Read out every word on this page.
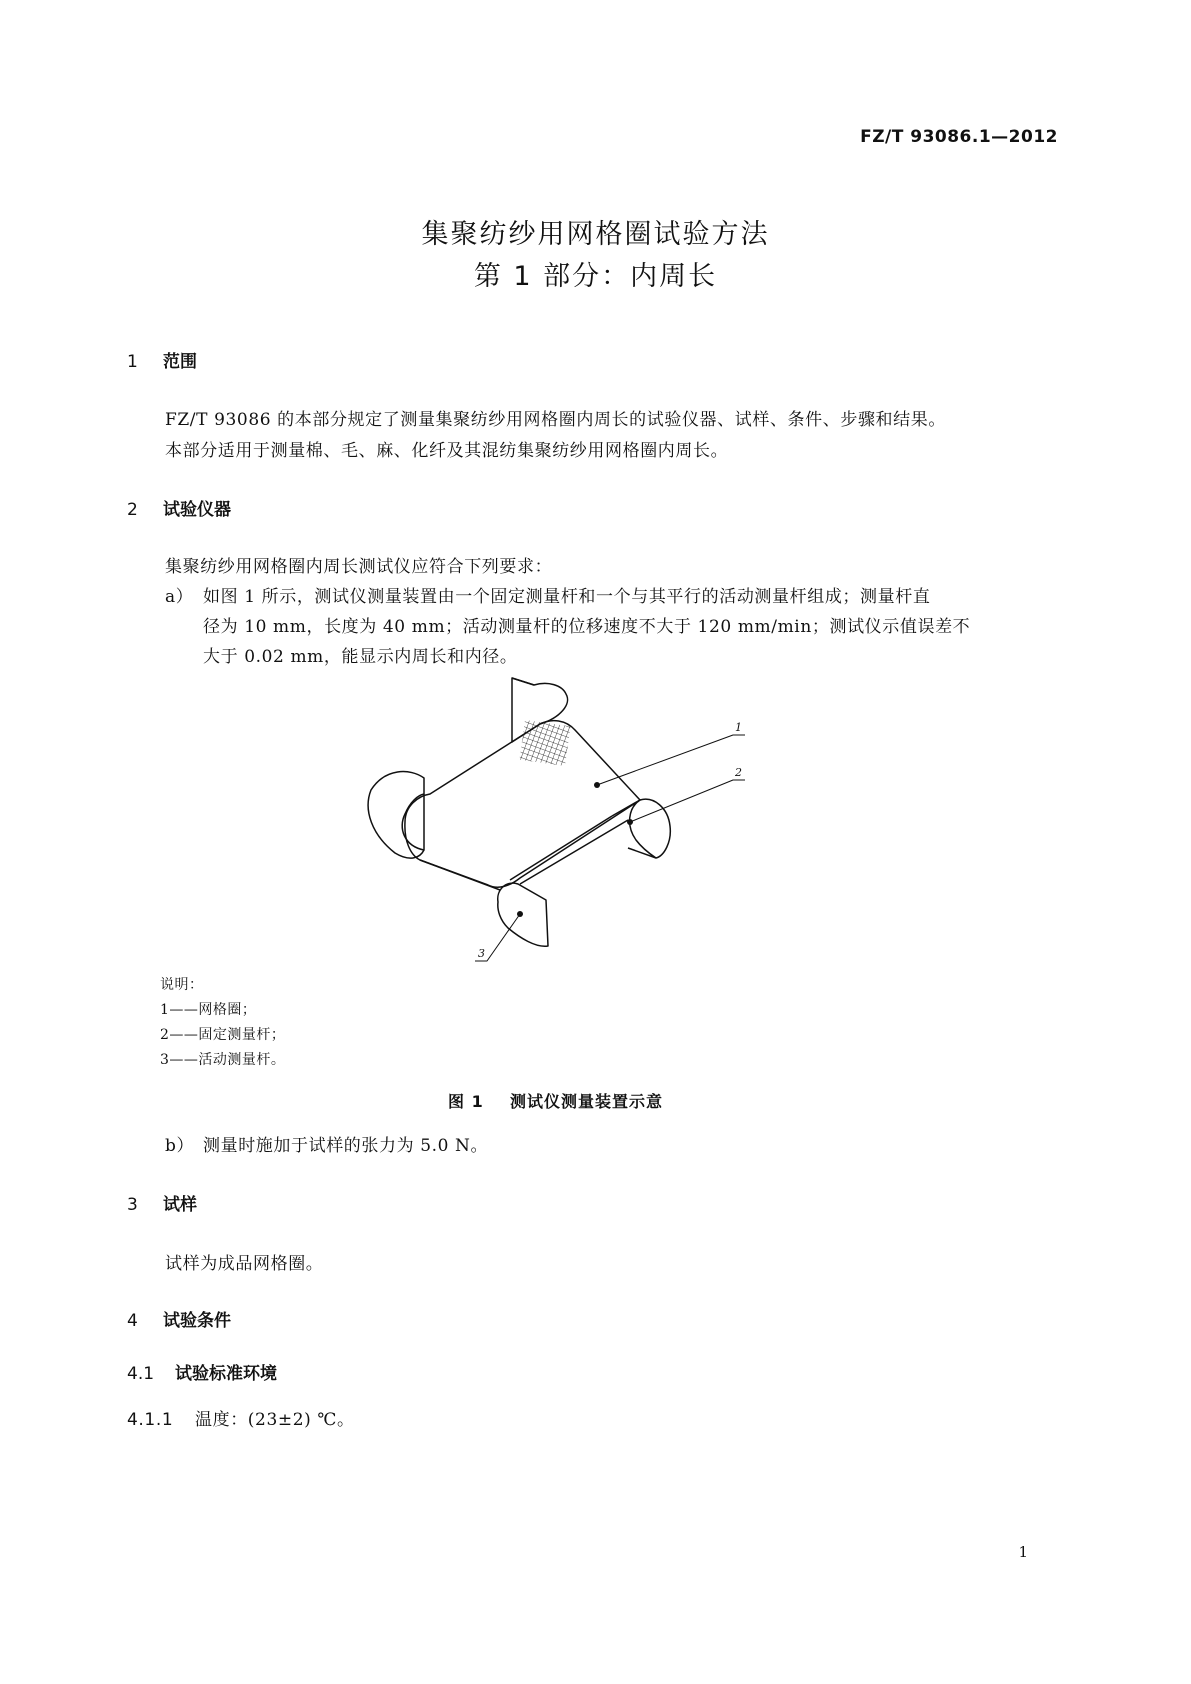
FZ/T 93086.1—2012
集聚纺纱用网格圈试验方法
第 1 部分：内周长
1 范围
FZ/T 93086 的本部分规定了测量集聚纺纱用网格圈内周长的试验仪器、试样、条件、步骤和结果。
本部分适用于测量棉、毛、麻、化纤及其混纺集聚纺纱用网格圈内周长。
2 试验仪器
集聚纺纱用网格圈内周长测试仪应符合下列要求：
a） 如图 1 所示，测试仪测量装置由一个固定测量杆和一个与其平行的活动测量杆组成；测量杆直
径为 10 mm，长度为 40 mm；活动测量杆的位移速度不大于 120 mm/min；测试仪示值误差不
大于 0.02 mm，能显示内周长和内径。
1
2
3
说明：
1——网格圈；
2——固定测量杆；
3——活动测量杆。
图 1    测试仪测量装置示意
b） 测量时施加于试样的张力为 5.0 N。
3 试样
试样为成品网格圈。
4 试验条件
4.1 试验标准环境
4.1.1 温度：(23±2) ℃。
1
